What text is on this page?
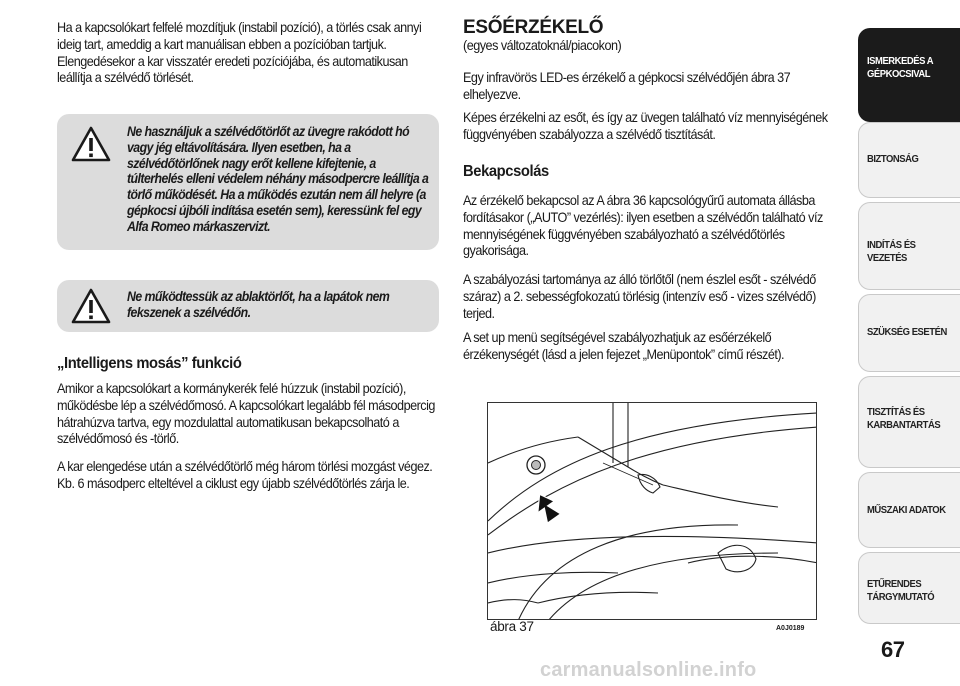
Ha a kapcsolókart felfelé mozdítjuk (instabil pozíció), a törlés csak annyi ideig tart, ameddig a kart manuálisan ebben a pozícióban tartjuk. Elengedésekor a kar visszatér eredeti pozíciójába, és automatikusan leállítja a szélvédő törlését.

Ne használjuk a szélvédőtörlőt az üvegre rakódott hó vagy jég eltávolítására. Ilyen esetben, ha a szélvédőtörlőnek nagy erőt kellene kifejtenie, a túlterhelés elleni védelem néhány másodpercre leállítja a törlő működését. Ha a működés ezután nem áll helyre (a gépkocsi újbóli indítása esetén sem), keressünk fel egy Alfa Romeo márkaszervizt.
Ne működtessük az ablaktörlőt, ha a lapátok nem fekszenek a szélvédőn.
„Intelligens mosás” funkció

Amikor a kapcsolókart a kormánykerék felé húzzuk (instabil pozíció), működésbe lép a szélvédőmosó. A kapcsolókart legalább fél másodpercig hátrahúzva tartva, egy mozdulattal automatikusan bekapcsolható a szélvédőmosó és -törlő.

A kar elengedése után a szélvédőtörlő még három törlési mozgást végez. Kb. 6 másodperc elteltével a ciklust egy újabb szélvédőtörlés zárja le.

ESŐÉRZÉKELŐ

(egyes változatoknál/piacokon)

Egy infravörös LED-es érzékelő a gépkocsi szélvédőjén ábra 37 elhelyezve.

Képes érzékelni az esőt, és így az üvegen található víz mennyiségének függvényében szabályozza a szélvédő tisztítását.

Bekapcsolás

Az érzékelő bekapcsol az A ábra 36 kapcsológyűrű automata állásba fordításakor („AUTO” vezérlés): ilyen esetben a szélvédőn található víz mennyiségének függvényében szabályozható a szélvédőtörlés gyakorisága.

A szabályozási tartománya az álló törlőtől (nem észlel esőt - szélvédő száraz) a 2. sebességfokozatú törlésig (intenzív eső - vizes szélvédő) terjed.

A set up menü segítségével szabályozhatjuk az esőérzékelő érzékenységét (lásd a jelen fejezet „Menüpontok” című részét).

ábra 37	A0J0189
ISMERKEDÉS A
GÉPKOCSIVAL
BIZTONSÁG
INDÍTÁS ÉS VEZETÉS
SZÜKSÉG ESETÉN
TISZTÍTÁS ÉS
KARBANTARTÁS
MŰSZAKI ADATOK
ETŰRENDES
TÁRGYMUTATÓ
67
carmanualsonline.info
